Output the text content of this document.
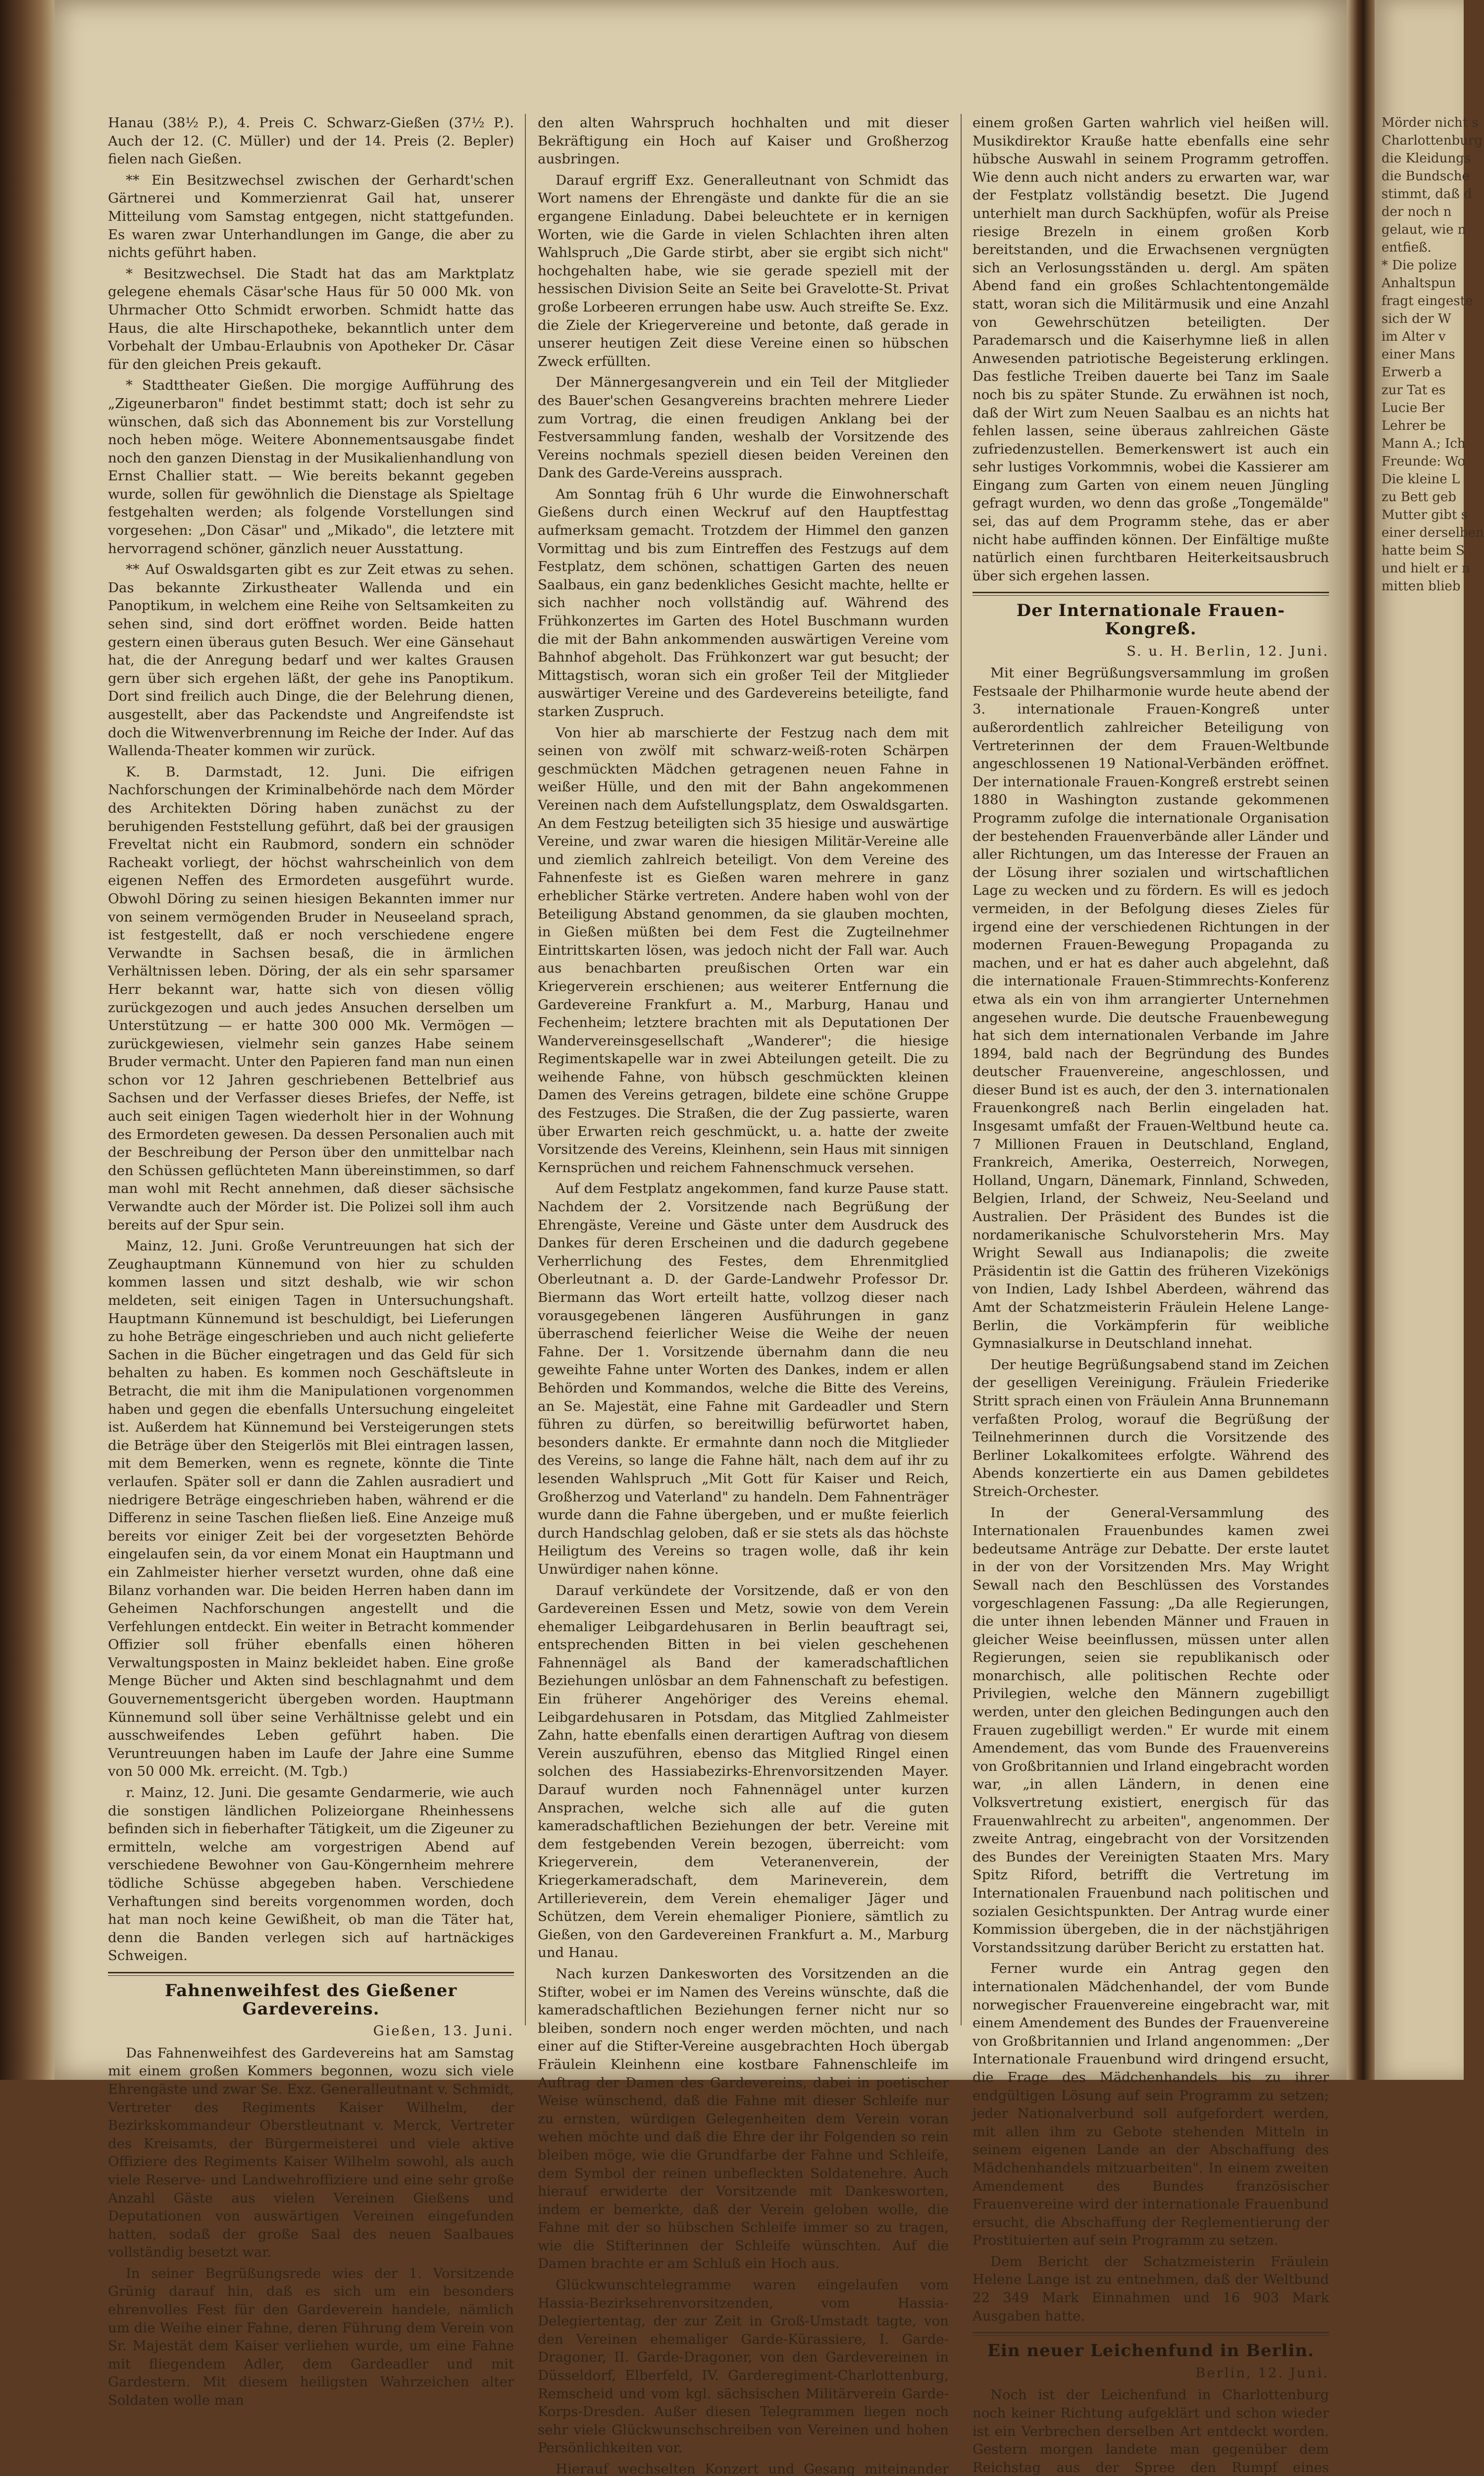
Hanau (38½ P.), 4. Preis C. Schwarz-Gießen (37½ P.). Auch der 12. (C. Müller) und der 14. Preis (2. Bepler) fielen nach Gießen.

** Ein Besitzwechsel zwischen der Gerhardt'schen Gärtnerei und Kommerzienrat Gail hat, unserer Mitteilung vom Samstag entgegen, nicht stattgefunden. Es waren zwar Unterhandlungen im Gange, die aber zu nichts geführt haben.

* Besitzwechsel. Die Stadt hat das am Marktplatz gelegene ehemals Cäsar'sche Haus für 50 000 Mk. von Uhrmacher Otto Schmidt erworben. Schmidt hatte das Haus, die alte Hirschapotheke, bekanntlich unter dem Vorbehalt der Umbau-Erlaubnis von Apotheker Dr. Cäsar für den gleichen Preis gekauft.

* Stadttheater Gießen. Die morgige Aufführung des „Zigeunerbaron" findet bestimmt statt; doch ist sehr zu wünschen, daß sich das Abonnement bis zur Vorstellung noch heben möge. Weitere Abonnementsausgabe findet noch den ganzen Dienstag in der Musikalienhandlung von Ernst Challier statt. — Wie bereits bekannt gegeben wurde, sollen für gewöhnlich die Dienstage als Spieltage festgehalten werden; als folgende Vorstellungen sind vorgesehen: „Don Cäsar" und „Mikado", die letztere mit hervorragend schöner, gänzlich neuer Ausstattung.

** Auf Oswaldsgarten gibt es zur Zeit etwas zu sehen. Das bekannte Zirkustheater Wallenda und ein Panoptikum, in welchem eine Reihe von Seltsamkeiten zu sehen sind, sind dort eröffnet worden. Beide hatten gestern einen überaus guten Besuch. Wer eine Gänsehaut hat, die der Anregung bedarf und wer kaltes Grausen gern über sich ergehen läßt, der gehe ins Panoptikum. Dort sind freilich auch Dinge, die der Belehrung dienen, ausgestellt, aber das Packendste und Angreifendste ist doch die Witwenverbrennung im Reiche der Inder. Auf das Wallenda-Theater kommen wir zurück.

K. B. Darmstadt, 12. Juni. Die eifrigen Nachforschungen der Kriminalbehörde nach dem Mörder des Architekten Döring haben zunächst zu der beruhigenden Feststellung geführt, daß bei der grausigen Freveltat nicht ein Raubmord, sondern ein schnöder Racheakt vorliegt, der höchst wahrscheinlich von dem eigenen Neffen des Ermordeten ausgeführt wurde. Obwohl Döring zu seinen hiesigen Bekannten immer nur von seinem vermögenden Bruder in Neuseeland sprach, ist festgestellt, daß er noch verschiedene engere Verwandte in Sachsen besaß, die in ärmlichen Verhältnissen leben. Döring, der als ein sehr sparsamer Herr bekannt war, hatte sich von diesen völlig zurückgezogen und auch jedes Ansuchen derselben um Unterstützung — er hatte 300 000 Mk. Vermögen — zurückgewiesen, vielmehr sein ganzes Habe seinem Bruder vermacht. Unter den Papieren fand man nun einen schon vor 12 Jahren geschriebenen Bettelbrief aus Sachsen und der Verfasser dieses Briefes, der Neffe, ist auch seit einigen Tagen wiederholt hier in der Wohnung des Ermordeten gewesen. Da dessen Personalien auch mit der Beschreibung der Person über den unmittelbar nach den Schüssen geflüchteten Mann übereinstimmen, so darf man wohl mit Recht annehmen, daß dieser sächsische Verwandte auch der Mörder ist. Die Polizei soll ihm auch bereits auf der Spur sein.

Mainz, 12. Juni. Große Veruntreuungen hat sich der Zeughauptmann Künnemund von hier zu schulden kommen lassen und sitzt deshalb, wie wir schon meldeten, seit einigen Tagen in Untersuchungshaft. Hauptmann Künnemund ist beschuldigt, bei Lieferungen zu hohe Beträge eingeschrieben und auch nicht gelieferte Sachen in die Bücher eingetragen und das Geld für sich behalten zu haben. Es kommen noch Geschäftsleute in Betracht, die mit ihm die Manipulationen vorgenommen haben und gegen die ebenfalls Untersuchung eingeleitet ist. Außerdem hat Künnemund bei Versteigerungen stets die Beträge über den Steigerlös mit Blei eintragen lassen, mit dem Bemerken, wenn es regnete, könnte die Tinte verlaufen. Später soll er dann die Zahlen ausradiert und niedrigere Beträge eingeschrieben haben, während er die Differenz in seine Taschen fließen ließ. Eine Anzeige muß bereits vor einiger Zeit bei der vorgesetzten Behörde eingelaufen sein, da vor einem Monat ein Hauptmann und ein Zahlmeister hierher versetzt wurden, ohne daß eine Bilanz vorhanden war. Die beiden Herren haben dann im Geheimen Nachforschungen angestellt und die Verfehlungen entdeckt. Ein weiter in Betracht kommender Offizier soll früher ebenfalls einen höheren Verwaltungsposten in Mainz bekleidet haben. Eine große Menge Bücher und Akten sind beschlagnahmt und dem Gouvernementsgericht übergeben worden. Hauptmann Künnemund soll über seine Verhältnisse gelebt und ein ausschweifendes Leben geführt haben. Die Veruntreuungen haben im Laufe der Jahre eine Summe von 50 000 Mk. erreicht. (M. Tgb.)

r. Mainz, 12. Juni. Die gesamte Gendarmerie, wie auch die sonstigen ländlichen Polizeiorgane Rheinhessens befinden sich in fieberhafter Tätigkeit, um die Zigeuner zu ermitteln, welche am vorgestrigen Abend auf verschiedene Bewohner von Gau-Köngernheim mehrere tödliche Schüsse abgegeben haben. Verschiedene Verhaftungen sind bereits vorgenommen worden, doch hat man noch keine Gewißheit, ob man die Täter hat, denn die Banden verlegen sich auf hartnäckiges Schweigen.

Fahnenweihfest des Gießener Gardevereins.
Gießen, 13. Juni.

Das Fahnenweihfest des Gardevereins hat am Samstag mit einem großen Kommers begonnen, wozu sich viele Ehrengäste und zwar Se. Exz. Generalleutnant v. Schmidt, Vertreter des Regiments Kaiser Wilhelm, der Bezirkskommandeur Oberstleutnant v. Merck, Vertreter des Kreisamts, der Bürgermeisterei und viele aktive Offiziere des Regiments Kaiser Wilhelm sowohl, als auch viele Reserve- und Landwehroffiziere und eine sehr große Anzahl Gäste aus vielen Vereinen Gießens und Deputationen von auswärtigen Vereinen eingefunden hatten, sodaß der große Saal des neuen Saalbaues vollständig besetzt war.

In seiner Begrüßungsrede wies der 1. Vorsitzende Grünig darauf hin, daß es sich um ein besonders ehrenvolles Fest für den Gardeverein handele, nämlich um die Weihe einer Fahne, deren Führung dem Verein von Sr. Majestät dem Kaiser verliehen wurde, um eine Fahne mit fliegendem Adler, dem Gardeadler und mit Gardestern. Mit diesem heiligsten Wahrzeichen alter Soldaten wolle man

den alten Wahrspruch hochhalten und mit dieser Bekräftigung ein Hoch auf Kaiser und Großherzog ausbringen.

Darauf ergriff Exz. Generalleutnant von Schmidt das Wort namens der Ehrengäste und dankte für die an sie ergangene Einladung. Dabei beleuchtete er in kernigen Worten, wie die Garde in vielen Schlachten ihren alten Wahlspruch „Die Garde stirbt, aber sie ergibt sich nicht" hochgehalten habe, wie sie gerade speziell mit der hessischen Division Seite an Seite bei Gravelotte-St. Privat große Lorbeeren errungen habe usw. Auch streifte Se. Exz. die Ziele der Kriegervereine und betonte, daß gerade in unserer heutigen Zeit diese Vereine einen so hübschen Zweck erfüllten.

Der Männergesangverein und ein Teil der Mitglieder des Bauer'schen Gesangvereins brachten mehrere Lieder zum Vortrag, die einen freudigen Anklang bei der Festversammlung fanden, weshalb der Vorsitzende des Vereins nochmals speziell diesen beiden Vereinen den Dank des Garde-Vereins aussprach.

Am Sonntag früh 6 Uhr wurde die Einwohnerschaft Gießens durch einen Weckruf auf den Hauptfesttag aufmerksam gemacht. Trotzdem der Himmel den ganzen Vormittag und bis zum Eintreffen des Festzugs auf dem Festplatz, dem schönen, schattigen Garten des neuen Saalbaus, ein ganz bedenkliches Gesicht machte, hellte er sich nachher noch vollständig auf. Während des Frühkonzertes im Garten des Hotel Buschmann wurden die mit der Bahn ankommenden auswärtigen Vereine vom Bahnhof abgeholt. Das Frühkonzert war gut besucht; der Mittagstisch, woran sich ein großer Teil der Mitglieder auswärtiger Vereine und des Gardevereins beteiligte, fand starken Zuspruch.

Von hier ab marschierte der Festzug nach dem mit seinen von zwölf mit schwarz-weiß-roten Schärpen geschmückten Mädchen getragenen neuen Fahne in weißer Hülle, und den mit der Bahn angekommenen Vereinen nach dem Aufstellungsplatz, dem Oswaldsgarten. An dem Festzug beteiligten sich 35 hiesige und auswärtige Vereine, und zwar waren die hiesigen Militär-Vereine alle und ziemlich zahlreich beteiligt. Von dem Vereine des Fahnenfeste ist es Gießen waren mehrere in ganz erheblicher Stärke vertreten. Andere haben wohl von der Beteiligung Abstand genommen, da sie glauben mochten, in Gießen müßten bei dem Fest die Zugteilnehmer Eintrittskarten lösen, was jedoch nicht der Fall war. Auch aus benachbarten preußischen Orten war ein Kriegerverein erschienen; aus weiterer Entfernung die Gardevereine Frankfurt a. M., Marburg, Hanau und Fechenheim; letztere brachten mit als Deputationen Der Wandervereinsgesellschaft „Wanderer"; die hiesige Regimentskapelle war in zwei Abteilungen geteilt. Die zu weihende Fahne, von hübsch geschmückten kleinen Damen des Vereins getragen, bildete eine schöne Gruppe des Festzuges. Die Straßen, die der Zug passierte, waren über Erwarten reich geschmückt, u. a. hatte der zweite Vorsitzende des Vereins, Kleinhenn, sein Haus mit sinnigen Kernsprüchen und reichem Fahnenschmuck versehen.

Auf dem Festplatz angekommen, fand kurze Pause statt. Nachdem der 2. Vorsitzende nach Begrüßung der Ehrengäste, Vereine und Gäste unter dem Ausdruck des Dankes für deren Erscheinen und die dadurch gegebene Verherrlichung des Festes, dem Ehrenmitglied Oberleutnant a. D. der Garde-Landwehr Professor Dr. Biermann das Wort erteilt hatte, vollzog dieser nach vorausgegebenen längeren Ausführungen in ganz überraschend feierlicher Weise die Weihe der neuen Fahne. Der 1. Vorsitzende übernahm dann die neu geweihte Fahne unter Worten des Dankes, indem er allen Behörden und Kommandos, welche die Bitte des Vereins, an Se. Majestät, eine Fahne mit Gardeadler und Stern führen zu dürfen, so bereitwillig befürwortet haben, besonders dankte. Er ermahnte dann noch die Mitglieder des Vereins, so lange die Fahne hält, nach dem auf ihr zu lesenden Wahlspruch „Mit Gott für Kaiser und Reich, Großherzog und Vaterland" zu handeln. Dem Fahnenträger wurde dann die Fahne übergeben, und er mußte feierlich durch Handschlag geloben, daß er sie stets als das höchste Heiligtum des Vereins so tragen wolle, daß ihr kein Unwürdiger nahen könne.

Darauf verkündete der Vorsitzende, daß er von den Gardevereinen Essen und Metz, sowie von dem Verein ehemaliger Leibgardehusaren in Berlin beauftragt sei, entsprechenden Bitten in bei vielen geschehenen Fahnennägel als Band der kameradschaftlichen Beziehungen unlösbar an dem Fahnenschaft zu befestigen. Ein früherer Angehöriger des Vereins ehemal. Leibgardehusaren in Potsdam, das Mitglied Zahlmeister Zahn, hatte ebenfalls einen derartigen Auftrag von diesem Verein auszuführen, ebenso das Mitglied Ringel einen solchen des Hassiabezirks-Ehrenvorsitzenden Mayer. Darauf wurden noch Fahnennägel unter kurzen Ansprachen, welche sich alle auf die guten kameradschaftlichen Beziehungen der betr. Vereine mit dem festgebenden Verein bezogen, überreicht: vom Kriegerverein, dem Veteranenverein, der Kriegerkameradschaft, dem Marineverein, dem Artillerieverein, dem Verein ehemaliger Jäger und Schützen, dem Verein ehemaliger Pioniere, sämtlich zu Gießen, von den Gardevereinen Frankfurt a. M., Marburg und Hanau.

Nach kurzen Dankesworten des Vorsitzenden an die Stifter, wobei er im Namen des Vereins wünschte, daß die kameradschaftlichen Beziehungen ferner nicht nur so bleiben, sondern noch enger werden möchten, und nach einer auf die Stifter-Vereine ausgebrachten Hoch übergab Fräulein Kleinhenn eine kostbare Fahnenschleife im Auftrag der Damen des Gardevereins, dabei in poetischer Weise wünschend, daß die Fahne mit dieser Schleife nur zu ernsten, würdigen Gelegenheiten dem Verein voran wehen möchte und daß die Ehre der ihr Folgenden so rein bleiben möge, wie die Grundfarbe der Fahne und Schleife, dem Symbol der reinen unbefleckten Soldatenehre. Auch hierauf erwiderte der Vorsitzende mit Dankesworten, indem er bemerkte, daß der Verein geloben wolle, die Fahne mit der so hübschen Schleife immer so zu tragen, wie die Stifterinnen der Schleife wünschten. Auf die Damen brachte er am Schluß ein Hoch aus.

Glückwunschtelegramme waren eingelaufen vom Hassia-Bezirksehrenvorsitzenden, vom Hassia-Delegiertentag, der zur Zeit in Groß-Umstadt tagte, von den Vereinen ehemaliger Garde-Kürassiere, I. Garde-Dragoner, II. Garde-Dragoner, von den Gardevereinen in Düsseldorf, Elberfeld, IV. Garderegiment-Charlottenburg, Remscheid und vom kgl. sächsischen Militärverein Garde-Korps-Dresden. Außer diesen Telegrammen liegen noch sehr viele Glückwunschschreiben von Vereinen und hohen Persönlichkeiten vor.

Hierauf wechselten Konzert und Gesang miteinander

einem großen Garten wahrlich viel heißen will. Musikdirektor Krauße hatte ebenfalls eine sehr hübsche Auswahl in seinem Programm getroffen. Wie denn auch nicht anders zu erwarten war, war der Festplatz vollständig besetzt. Die Jugend unterhielt man durch Sackhüpfen, wofür als Preise riesige Brezeln in einem großen Korb bereitstanden, und die Erwachsenen vergnügten sich an Verlosungsständen u. dergl. Am späten Abend fand ein großes Schlachtentongemälde statt, woran sich die Militärmusik und eine Anzahl von Gewehrschützen beteiligten. Der Parademarsch und die Kaiserhymne ließ in allen Anwesenden patriotische Begeisterung erklingen. Das festliche Treiben dauerte bei Tanz im Saale noch bis zu später Stunde. Zu erwähnen ist noch, daß der Wirt zum Neuen Saalbau es an nichts hat fehlen lassen, seine überaus zahlreichen Gäste zufriedenzustellen. Bemerkenswert ist auch ein sehr lustiges Vorkommnis, wobei die Kassierer am Eingang zum Garten von einem neuen Jüngling gefragt wurden, wo denn das große „Tongemälde" sei, das auf dem Programm stehe, das er aber nicht habe auffinden können. Der Einfältige mußte natürlich einen furchtbaren Heiterkeitsausbruch über sich ergehen lassen.

Der Internationale Frauen-Kongreß.
S. u. H. Berlin, 12. Juni.

Mit einer Begrüßungsversammlung im großen Festsaale der Philharmonie wurde heute abend der 3. internationale Frauen-Kongreß unter außerordentlich zahlreicher Beteiligung von Vertreterinnen der dem Frauen-Weltbunde angeschlossenen 19 National-Verbänden eröffnet. Der internationale Frauen-Kongreß erstrebt seinen 1880 in Washington zustande gekommenen Programm zufolge die internationale Organisation der bestehenden Frauenverbände aller Länder und aller Richtungen, um das Interesse der Frauen an der Lösung ihrer sozialen und wirtschaftlichen Lage zu wecken und zu fördern. Es will es jedoch vermeiden, in der Befolgung dieses Zieles für irgend eine der verschiedenen Richtungen in der modernen Frauen-Bewegung Propaganda zu machen, und er hat es daher auch abgelehnt, daß die internationale Frauen-Stimmrechts-Konferenz etwa als ein von ihm arrangierter Unternehmen angesehen wurde. Die deutsche Frauenbewegung hat sich dem internationalen Verbande im Jahre 1894, bald nach der Begründung des Bundes deutscher Frauenvereine, angeschlossen, und dieser Bund ist es auch, der den 3. internationalen Frauenkongreß nach Berlin eingeladen hat. Insgesamt umfaßt der Frauen-Weltbund heute ca. 7 Millionen Frauen in Deutschland, England, Frankreich, Amerika, Oesterreich, Norwegen, Holland, Ungarn, Dänemark, Finnland, Schweden, Belgien, Irland, der Schweiz, Neu-Seeland und Australien. Der Präsident des Bundes ist die nordamerikanische Schulvorsteherin Mrs. May Wright Sewall aus Indianapolis; die zweite Präsidentin ist die Gattin des früheren Vizekönigs von Indien, Lady Ishbel Aberdeen, während das Amt der Schatzmeisterin Fräulein Helene Lange-Berlin, die Vorkämpferin für weibliche Gymnasialkurse in Deutschland innehat.

Der heutige Begrüßungsabend stand im Zeichen der geselligen Vereinigung. Fräulein Friederike Stritt sprach einen von Fräulein Anna Brunnemann verfaßten Prolog, worauf die Begrüßung der Teilnehmerinnen durch die Vorsitzende des Berliner Lokalkomitees erfolgte. Während des Abends konzertierte ein aus Damen gebildetes Streich-Orchester.

In der General-Versammlung des Internationalen Frauenbundes kamen zwei bedeutsame Anträge zur Debatte. Der erste lautet in der von der Vorsitzenden Mrs. May Wright Sewall nach den Beschlüssen des Vorstandes vorgeschlagenen Fassung: „Da alle Regierungen, die unter ihnen lebenden Männer und Frauen in gleicher Weise beeinflussen, müssen unter allen Regierungen, seien sie republikanisch oder monarchisch, alle politischen Rechte oder Privilegien, welche den Männern zugebilligt werden, unter den gleichen Bedingungen auch den Frauen zugebilligt werden." Er wurde mit einem Amendement, das vom Bunde des Frauenvereins von Großbritannien und Irland eingebracht worden war, „in allen Ländern, in denen eine Volksvertretung existiert, energisch für das Frauenwahlrecht zu arbeiten", angenommen. Der zweite Antrag, eingebracht von der Vorsitzenden des Bundes der Vereinigten Staaten Mrs. Mary Spitz Riford, betrifft die Vertretung im Internationalen Frauenbund nach politischen und sozialen Gesichtspunkten. Der Antrag wurde einer Kommission übergeben, die in der nächstjährigen Vorstandssitzung darüber Bericht zu erstatten hat.

Ferner wurde ein Antrag gegen den internationalen Mädchenhandel, der vom Bunde norwegischer Frauenvereine eingebracht war, mit einem Amendement des Bundes der Frauenvereine von Großbritannien und Irland angenommen: „Der Internationale Frauenbund wird dringend ersucht, die Frage des Mädchenhandels bis zu ihrer endgültigen Lösung auf sein Programm zu setzen; jeder Nationalverbund soll aufgefordert werden, mit allen ihm zu Gebote stehenden Mitteln in seinem eigenen Lande an der Abschaffung des Mädchenhandels mitzuarbeiten". In einem zweiten Amendement des Bundes französischer Frauenvereine wird der internationale Frauenbund ersucht, die Abschaffung der Reglementierung der Prostituierten auf sein Programm zu setzen.

Dem Bericht der Schatzmeisterin Fräulein Helene Lange ist zu entnehmen, daß der Weltbund 22 349 Mark Einnahmen und 16 903 Mark Ausgaben hatte.

Ein neuer Leichenfund in Berlin.
Berlin, 12. Juni.

Noch ist der Leichenfund in Charlottenburg noch keiner Richtung aufgeklärt und schon wieder ist ein Verbrechen derselben Art entdeckt worden. Gestern morgen landete man gegenüber dem Reichstag aus der Spree den Rumpf eines

Mörder nicht s
Charlottenburg
die Kleidungs
die Bundsche
stimmt, daß d
der noch n
gelaut, wie n
entfieß.
* Die polize
Anhaltspun
fragt eingeste
sich der W
im Alter v
einer Mans
Erwerb a
zur Tat es
Lucie Ber
Lehrer be
Mann A.; Ich
Freunde: Wo
Die kleine L
zu Bett geb
Mutter gibt s
einer derselben
hatte beim S
und hielt er n
mitten blieb
